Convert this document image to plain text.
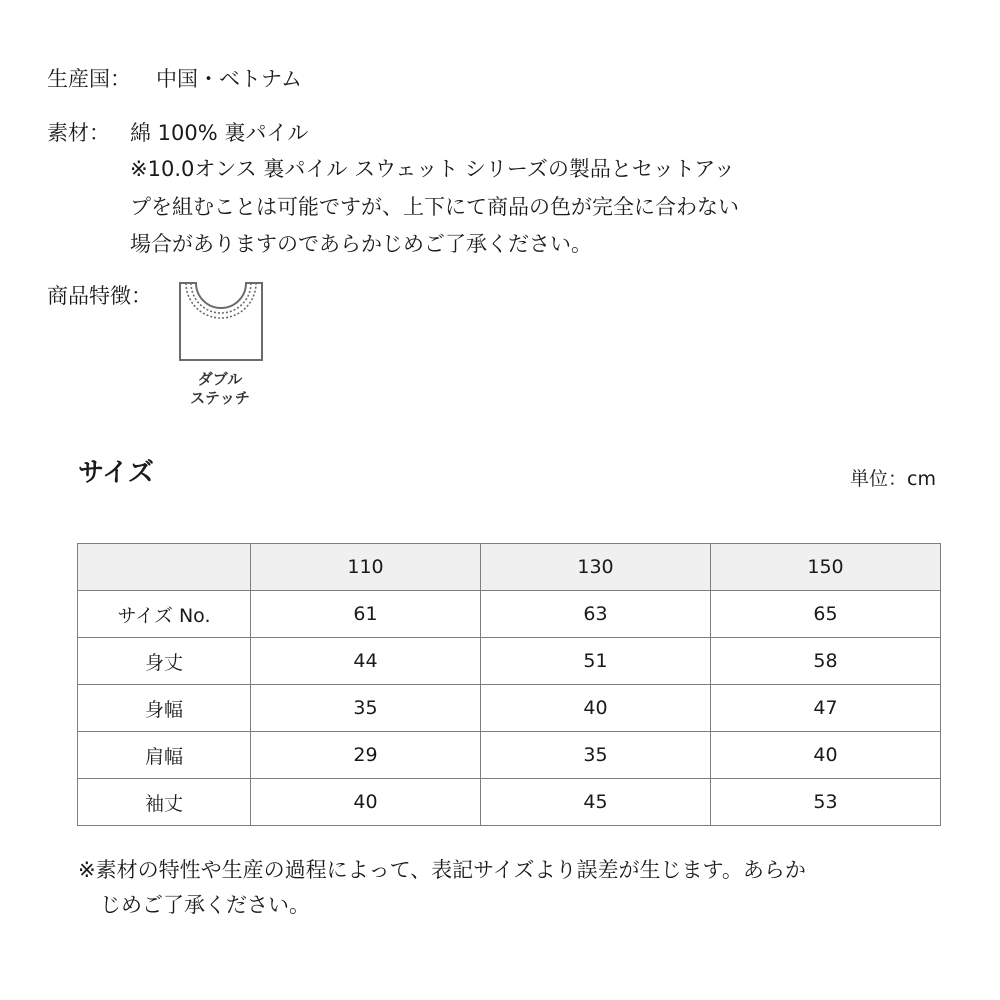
生産国： 中国・ベトナム
素材： 綿 100% 裏パイル
※10.0オンス 裏パイル スウェット シリーズの製品とセットアッ
プを組むことは可能ですが、上下にて商品の色が完全に合わない
場合がありますのであらかじめご了承ください。
商品特徴：
ダブル
ステッチ
サイズ	単位：cm
	110	130	150
サイズ No.	61	63	65
身丈	44	51	58
身幅	35	40	47
肩幅	29	35	40
袖丈	40	45	53
※素材の特性や生産の過程によって、表記サイズより誤差が生じます。あらか
じめご了承ください。
